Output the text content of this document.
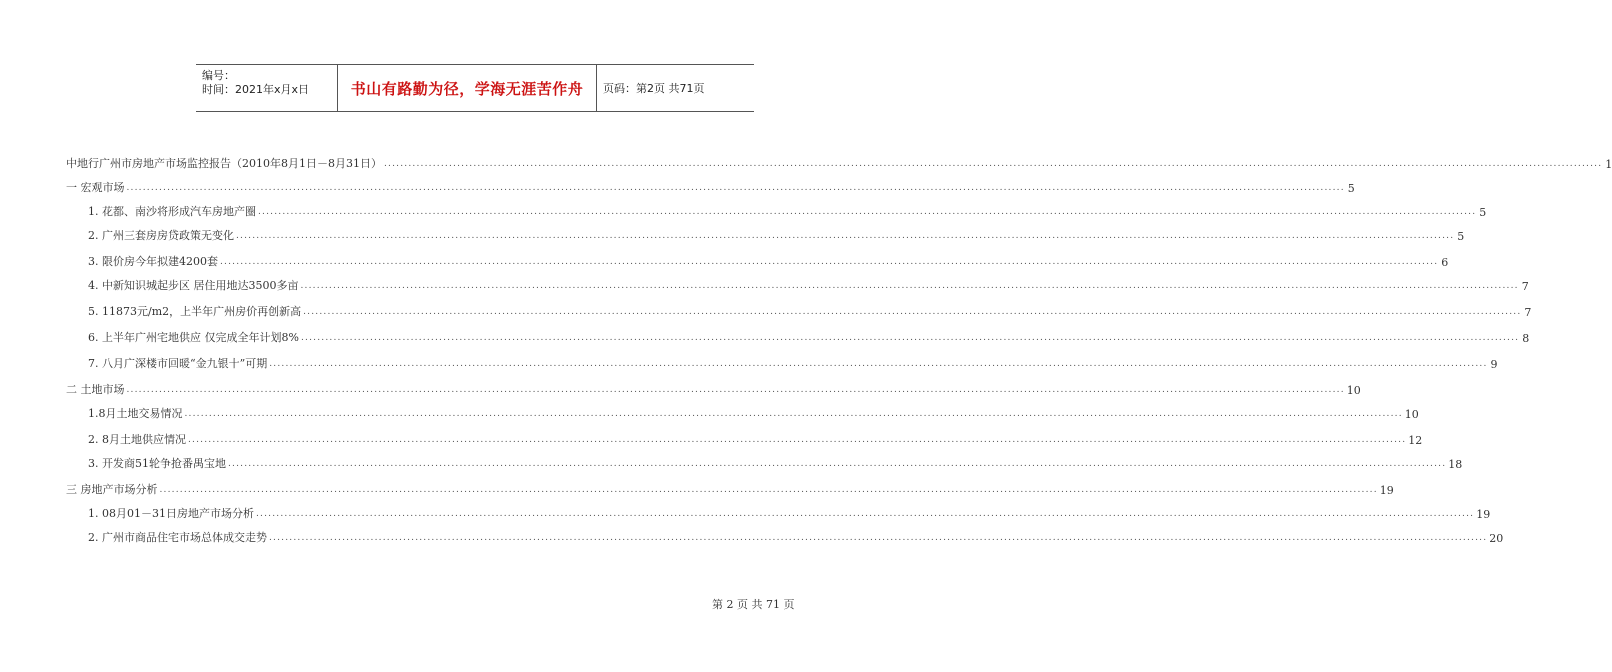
编号：
时间：2021年x月x日	书山有路勤为径，学海无涯苦作舟	页码：第2页 共71页
中地行广州市房地产市场监控报告（2010年8月1日－8月31日） ............................................................................................................................................................................................................................................................................................................ 1
一 宏观市场 ............................................................................................................................................................................................................................................................................................................ 5
1. 花都、南沙将形成汽车房地产圈 ............................................................................................................................................................................................................................................................................................................ 5
2. 广州三套房房贷政策无变化 ............................................................................................................................................................................................................................................................................................................ 5
3. 限价房今年拟建4200套 ............................................................................................................................................................................................................................................................................................................ 6
4. 中新知识城起步区 居住用地达3500多亩 ............................................................................................................................................................................................................................................................................................................ 7
5. 11873元/m2，上半年广州房价再创新高 ............................................................................................................................................................................................................................................................................................................ 7
6. 上半年广州宅地供应 仅完成全年计划8% ............................................................................................................................................................................................................................................................................................................ 8
7. 八月广深楼市回暖“金九银十”可期 ............................................................................................................................................................................................................................................................................................................ 9
二 土地市场 ............................................................................................................................................................................................................................................................................................................ 10
1.8月土地交易情况 ............................................................................................................................................................................................................................................................................................................ 10
2. 8月土地供应情况 ............................................................................................................................................................................................................................................................................................................ 12
3. 开发商51轮争抢番禺宝地 ............................................................................................................................................................................................................................................................................................................ 18
三 房地产市场分析 ............................................................................................................................................................................................................................................................................................................ 19
1. 08月01－31日房地产市场分析 ............................................................................................................................................................................................................................................................................................................ 19
2. 广州市商品住宅市场总体成交走势 ............................................................................................................................................................................................................................................................................................................ 20
第 2 页 共 71 页
